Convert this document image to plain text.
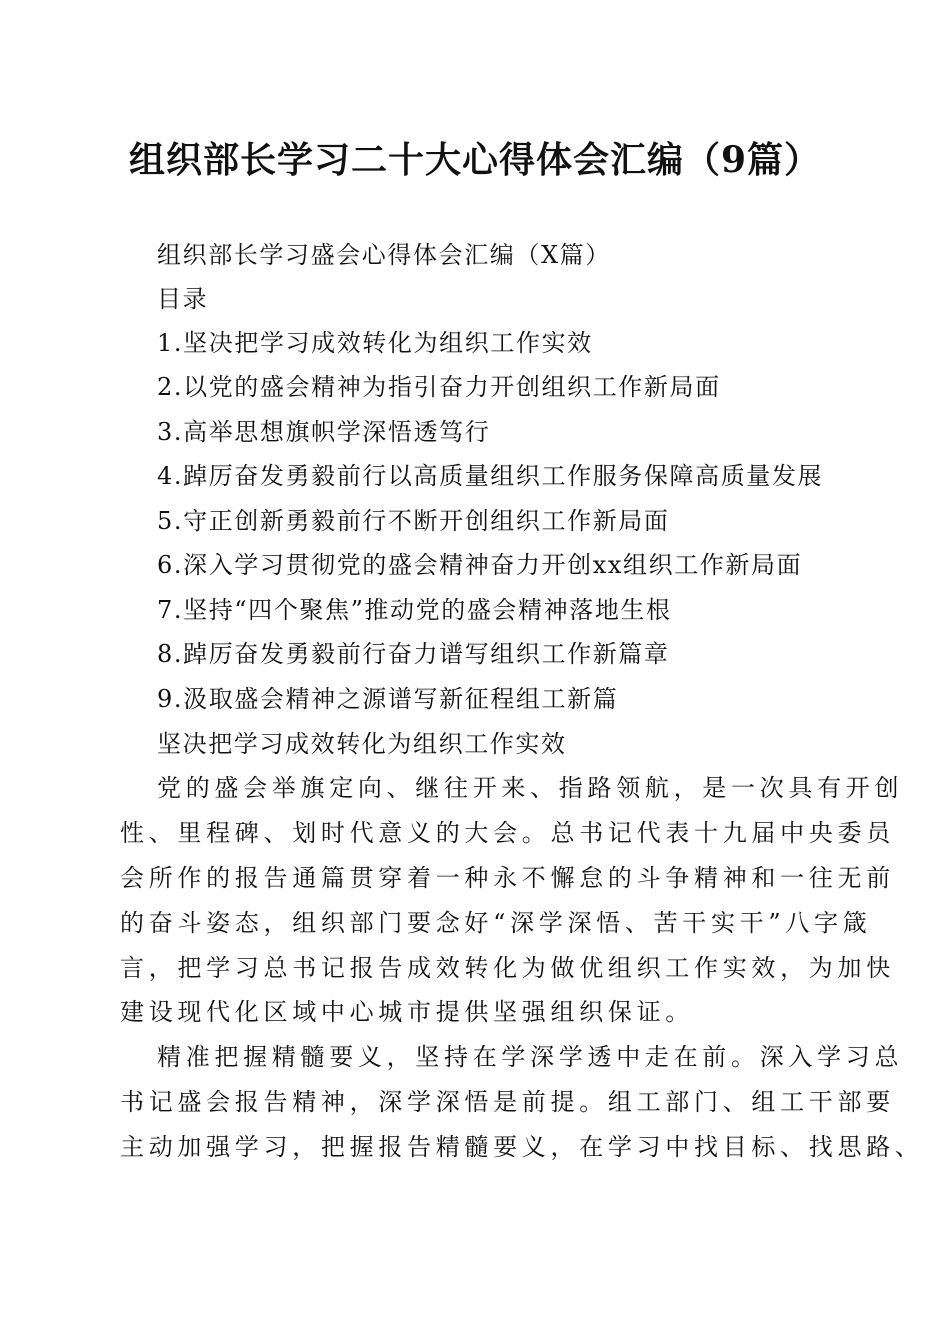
组织部长学习二十大心得体会汇编（9篇）
组织部长学习盛会心得体会汇编（X篇）
目录
1.坚决把学习成效转化为组织工作实效
2.以党的盛会精神为指引奋力开创组织工作新局面
3.高举思想旗帜学深悟透笃行
4.踔厉奋发勇毅前行以高质量组织工作服务保障高质量发展
5.守正创新勇毅前行不断开创组织工作新局面
6.深入学习贯彻党的盛会精神奋力开创xx组织工作新局面
7.坚持“四个聚焦”推动党的盛会精神落地生根
8.踔厉奋发勇毅前行奋力谱写组织工作新篇章
9.汲取盛会精神之源谱写新征程组工新篇
坚决把学习成效转化为组织工作实效
党的盛会举旗定向、继往开来、指路领航，是一次具有开创
性、里程碑、划时代意义的大会。总书记代表十九届中央委员
会所作的报告通篇贯穿着一种永不懈怠的斗争精神和一往无前
的奋斗姿态，组织部门要念好“深学深悟、苦干实干”八字箴
言，把学习总书记报告成效转化为做优组织工作实效，为加快
建设现代化区域中心城市提供坚强组织保证。
精准把握精髓要义，坚持在学深学透中走在前。深入学习总
书记盛会报告精神，深学深悟是前提。组工部门、组工干部要
主动加强学习，把握报告精髓要义，在学习中找目标、找思路、
